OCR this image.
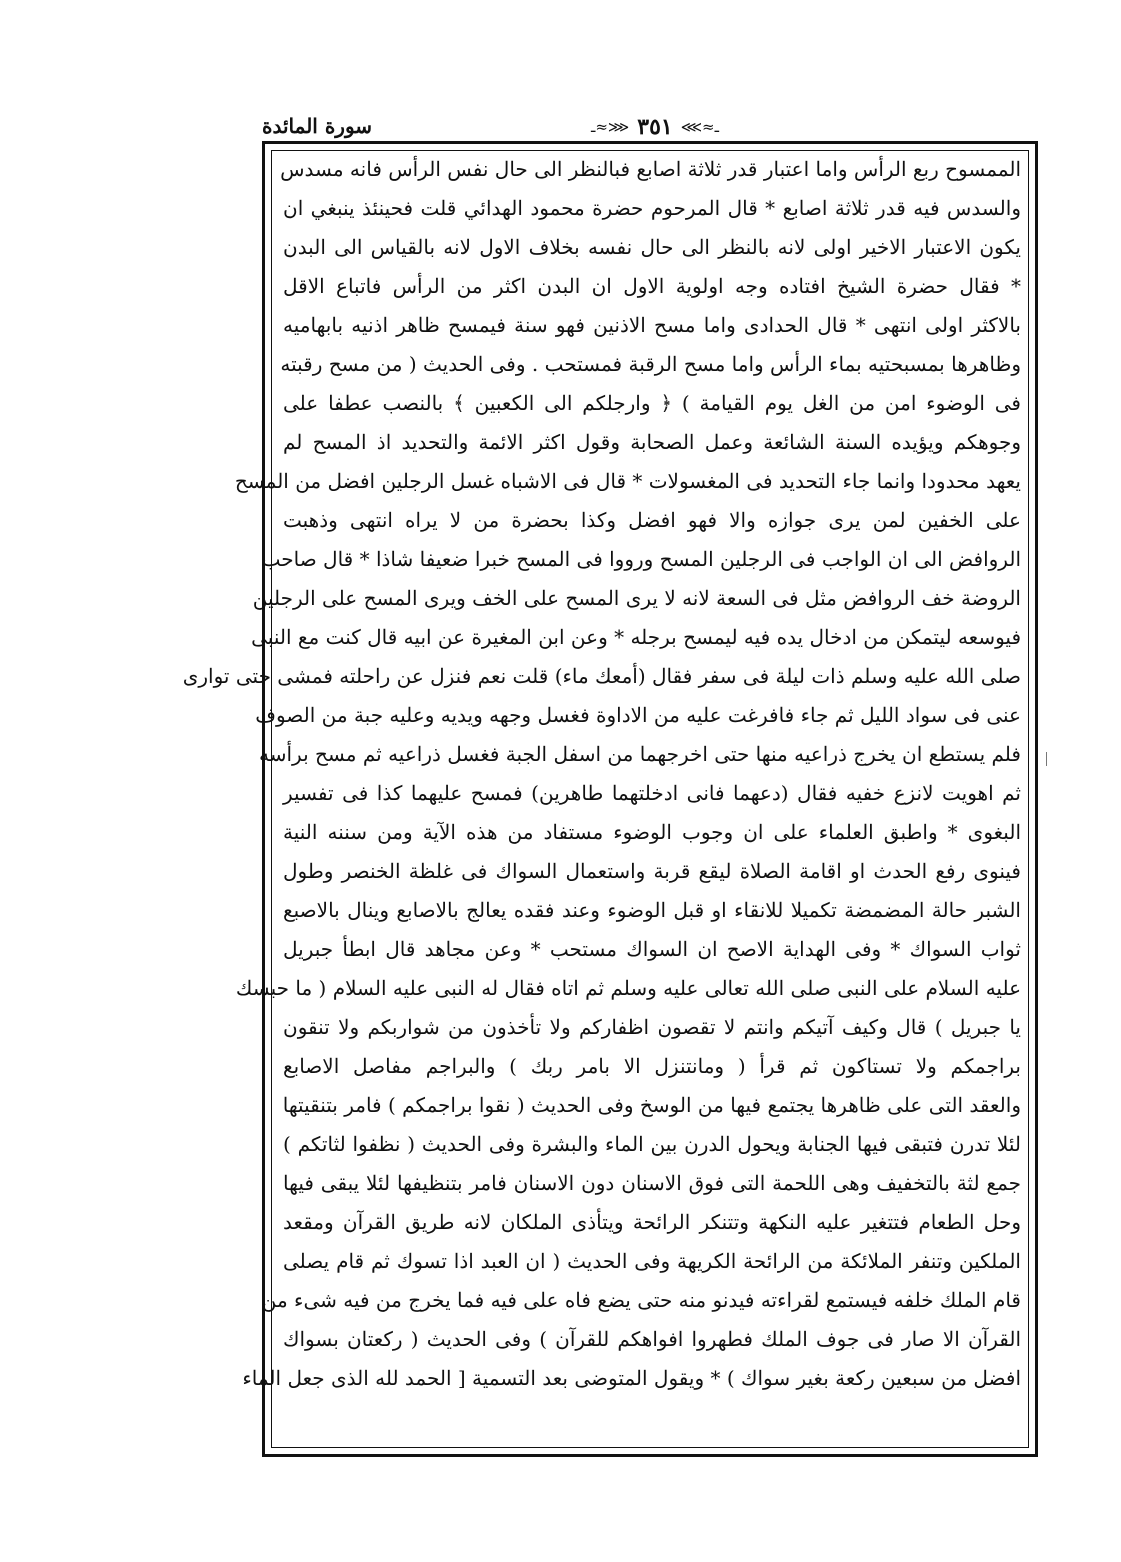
سورة المائدة	ـ≈⋙ ٣٥١ ⋘≈ـ
الممسوح ربع الرأس واما اعتبار قدر ثلاثة اصابع فبالنظر الى حال نفس الرأس فانه مسدس
والسدس فيه قدر ثلاثة اصابع * قال المرحوم حضرة محمود الهدائي قلت فحينئذ ينبغي ان
يكون الاعتبار الاخير اولى لانه بالنظر الى حال نفسه بخلاف الاول لانه بالقياس الى البدن
* فقال حضرة الشيخ افتاده وجه اولوية الاول ان البدن اكثر من الرأس فاتباع الاقل
بالاكثر اولى انتهى * قال الحدادى واما مسح الاذنين فهو سنة فيمسح ظاهر اذنيه بابهاميه
وظاهرها بمسبحتيه بماء الرأس واما مسح الرقبة فمستحب . وفى الحديث ( من مسح رقبته
فى الوضوء امن من الغل يوم القيامة ) ﴿ وارجلكم الى الكعبين ﴾ بالنصب عطفا على
وجوهكم ويؤيده السنة الشائعة وعمل الصحابة وقول اكثر الائمة والتحديد اذ المسح لم
يعهد محدودا وانما جاء التحديد فى المغسولات * قال فى الاشباه غسل الرجلين افضل من المسح
على الخفين لمن يرى جوازه والا فهو افضل وكذا بحضرة من لا يراه انتهى وذهبت
الروافض الى ان الواجب فى الرجلين المسح ورووا فى المسح خبرا ضعيفا شاذا * قال صاحب
الروضة خف الروافض مثل فى السعة لانه لا يرى المسح على الخف ويرى المسح على الرجلين
فيوسعه ليتمكن من ادخال يده فيه ليمسح برجله * وعن ابن المغيرة عن ابيه قال كنت مع النبى
صلى الله عليه وسلم ذات ليلة فى سفر فقال (أمعك ماء) قلت نعم فنزل عن راحلته فمشى حتى توارى
عنى فى سواد الليل ثم جاء فافرغت عليه من الاداوة فغسل وجهه ويديه وعليه جبة من الصوف
فلم يستطع ان يخرج ذراعيه منها حتى اخرجهما من اسفل الجبة فغسل ذراعيه ثم مسح برأسه
ثم اهويت لانزع خفيه فقال (دعهما فانى ادخلتهما طاهرين) فمسح عليهما كذا فى تفسير
البغوى * واطبق العلماء على ان وجوب الوضوء مستفاد من هذه الآية ومن سننه النية
فينوى رفع الحدث او اقامة الصلاة ليقع قربة واستعمال السواك فى غلظة الخنصر وطول
الشبر حالة المضمضة تكميلا للانقاء او قبل الوضوء وعند فقده يعالج بالاصابع وينال بالاصبع
ثواب السواك * وفى الهداية الاصح ان السواك مستحب * وعن مجاهد قال ابطأ جبريل
عليه السلام على النبى صلى الله تعالى عليه وسلم ثم اتاه فقال له النبى عليه السلام ( ما حبسك
يا جبريل ) قال وكيف آتيكم وانتم لا تقصون اظفاركم ولا تأخذون من شواربكم ولا تنقون
براجمكم ولا تستاكون ثم قرأ ( ومانتنزل الا بامر ربك ) والبراجم مفاصل الاصابع
والعقد التى على ظاهرها يجتمع فيها من الوسخ وفى الحديث ( نقوا براجمكم ) فامر بتنقيتها
لئلا تدرن فتبقى فيها الجنابة ويحول الدرن بين الماء والبشرة وفى الحديث ( نظفوا لثاتكم )
جمع لثة بالتخفيف وهى اللحمة التى فوق الاسنان دون الاسنان فامر بتنظيفها لئلا يبقى فيها
وحل الطعام فتتغير عليه النكهة وتتنكر الرائحة ويتأذى الملكان لانه طريق القرآن ومقعد
الملكين وتنفر الملائكة من الرائحة الكريهة وفى الحديث ( ان العبد اذا تسوك ثم قام يصلى
قام الملك خلفه فيستمع لقراءته فيدنو منه حتى يضع فاه على فيه فما يخرج من فيه شىء من
القرآن الا صار فى جوف الملك فطهروا افواهكم للقرآن ) وفى الحديث ( ركعتان بسواك
افضل من سبعين ركعة بغير سواك ) * ويقول المتوضى بعد التسمية [ الحمد لله الذى جعل الماء
